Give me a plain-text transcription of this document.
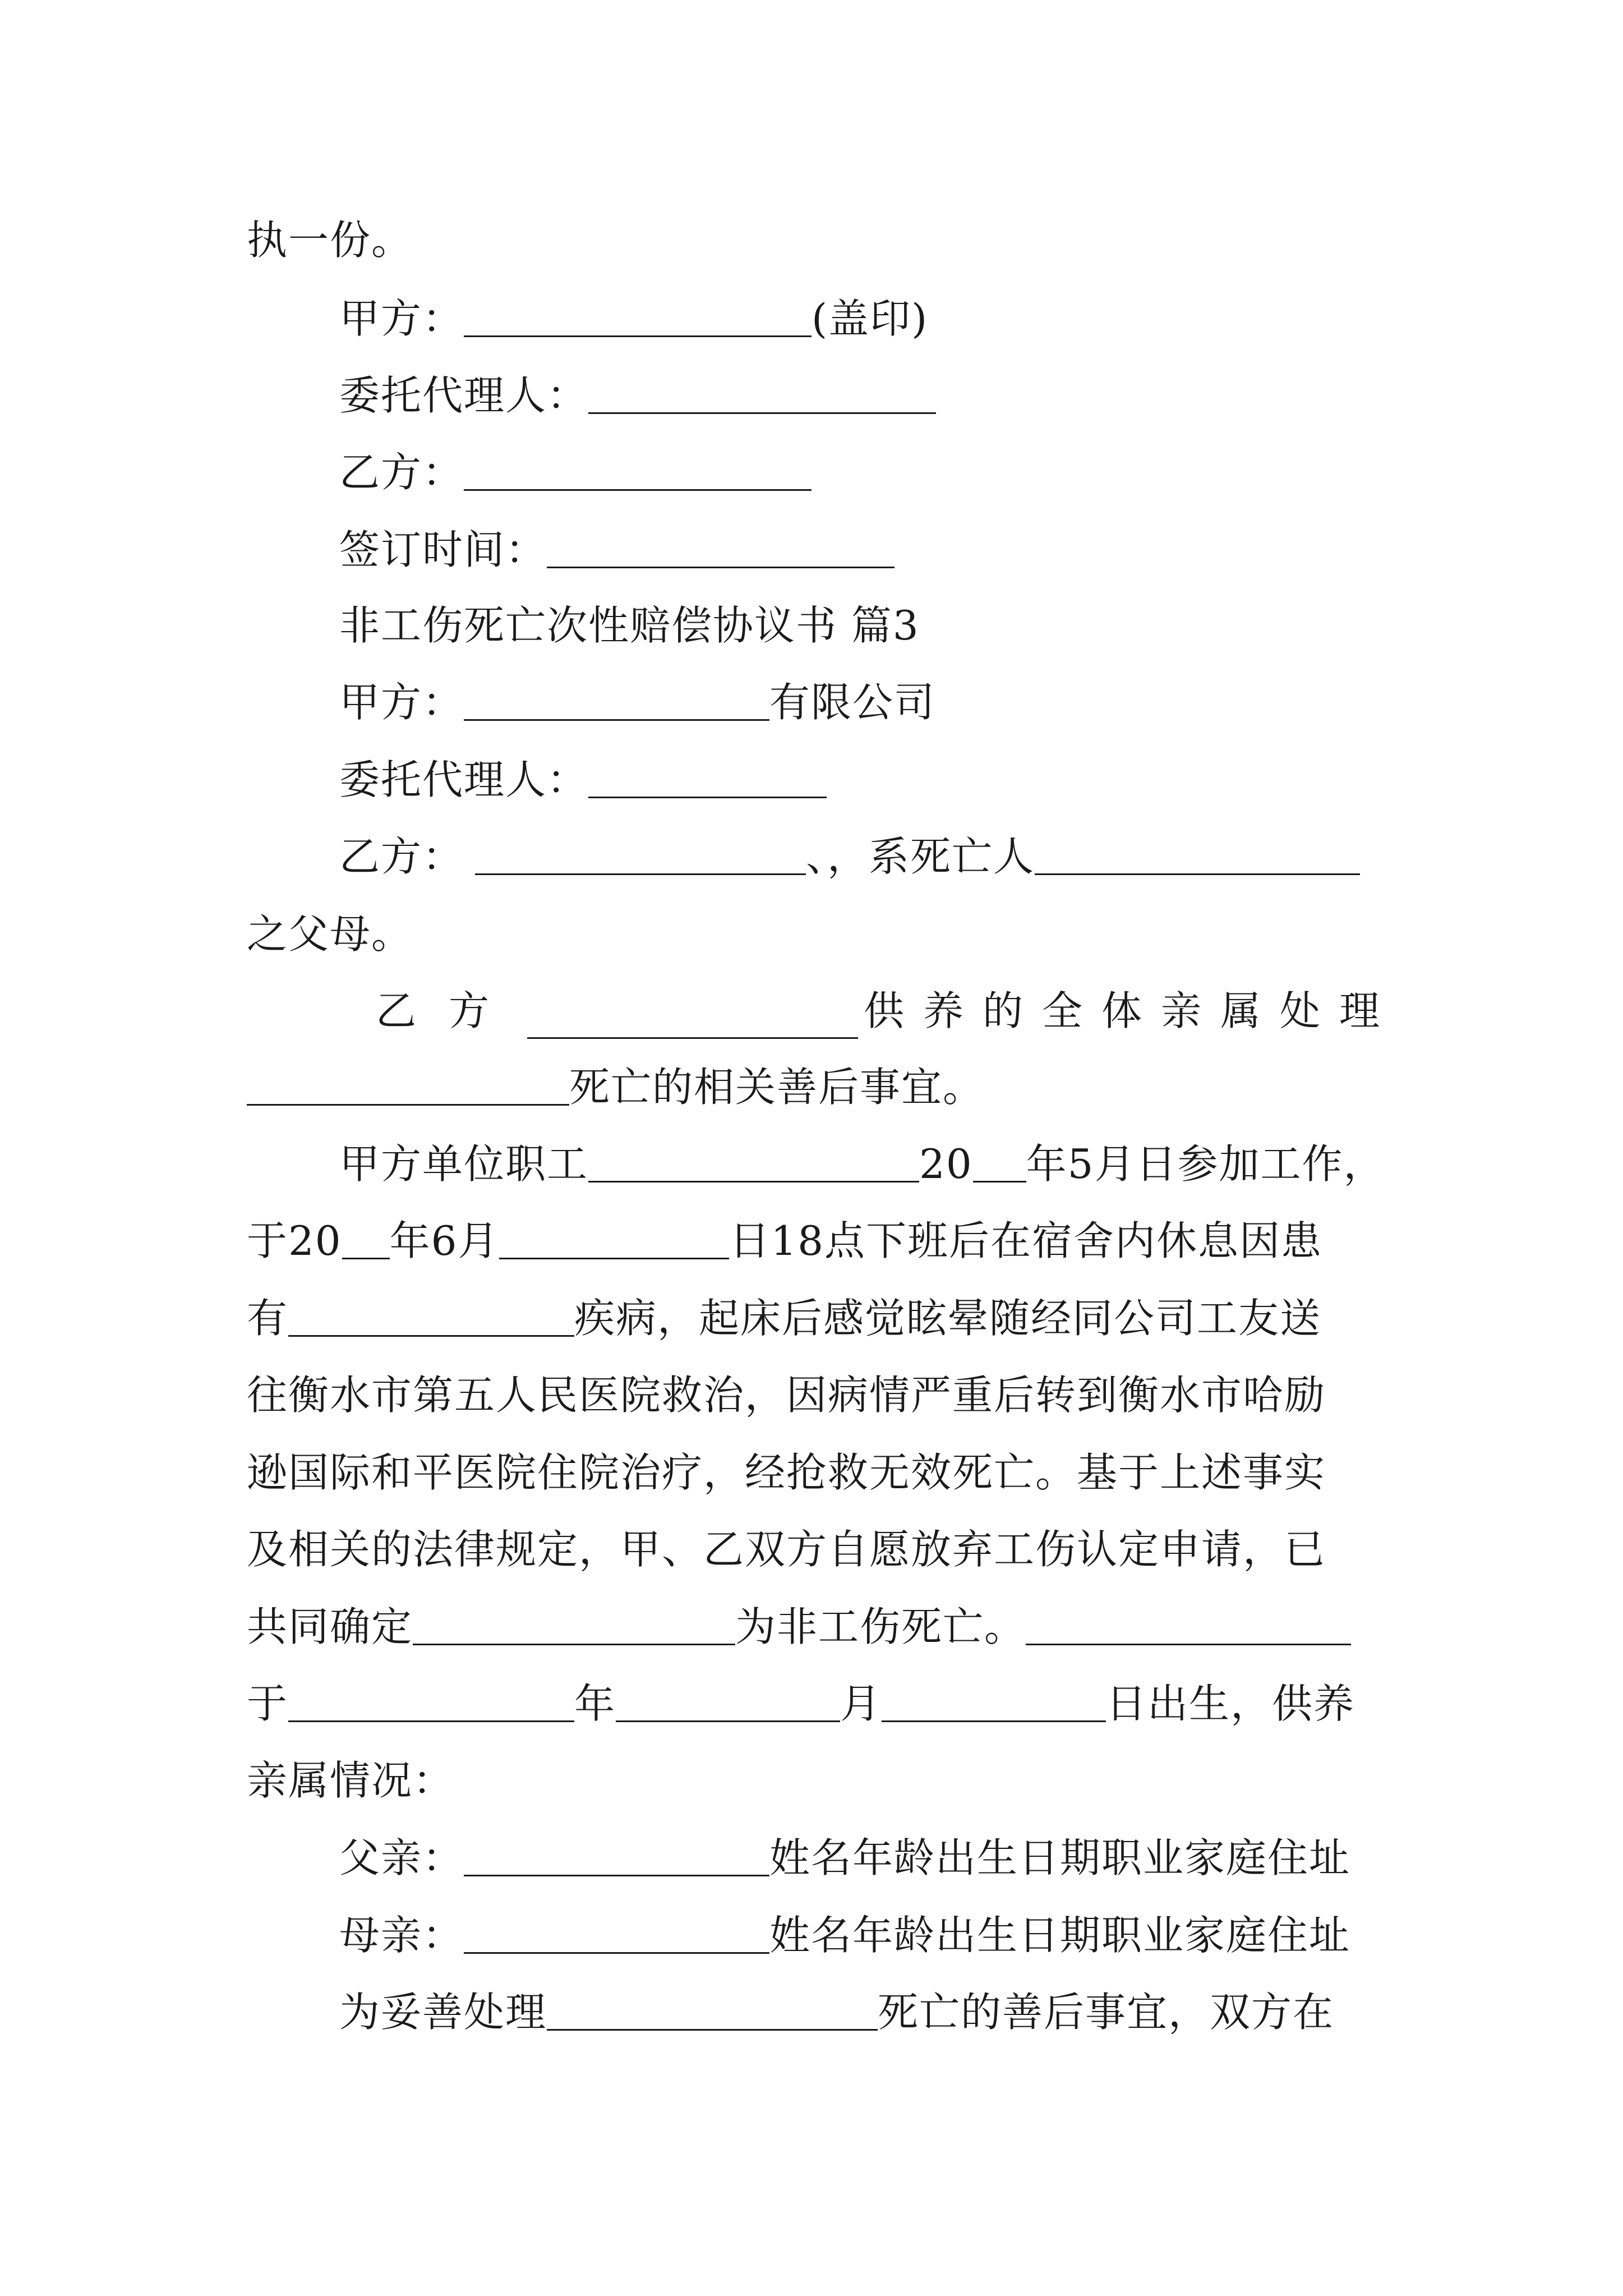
执一份。
甲方：	(盖印)
委托代理人：
乙方：
签订时间：
非工伤死亡次性赔偿协议书 篇3
甲方：	有限公司
委托代理人：
乙方：	、，系死亡人
之父母。
乙方	供养的全体亲属处理
死亡的相关善后事宜。
甲方单位职工	20 年5月日参加工作，
于20 年6月	日18点下班后在宿舍内休息因患
有	疾病，起床后感觉眩晕随经同公司工友送
往衡水市第五人民医院救治，因病情严重后转到衡水市哈励
逊国际和平医院住院治疗，经抢救无效死亡。基于上述事实
及相关的法律规定，甲、乙双方自愿放弃工伤认定申请，已
共同确定	为非工伤死亡。
于	年	月	日出生，供养
亲属情况：
父亲：	姓名年龄出生日期职业家庭住址
母亲：	姓名年龄出生日期职业家庭住址
为妥善处理	死亡的善后事宜，双方在
